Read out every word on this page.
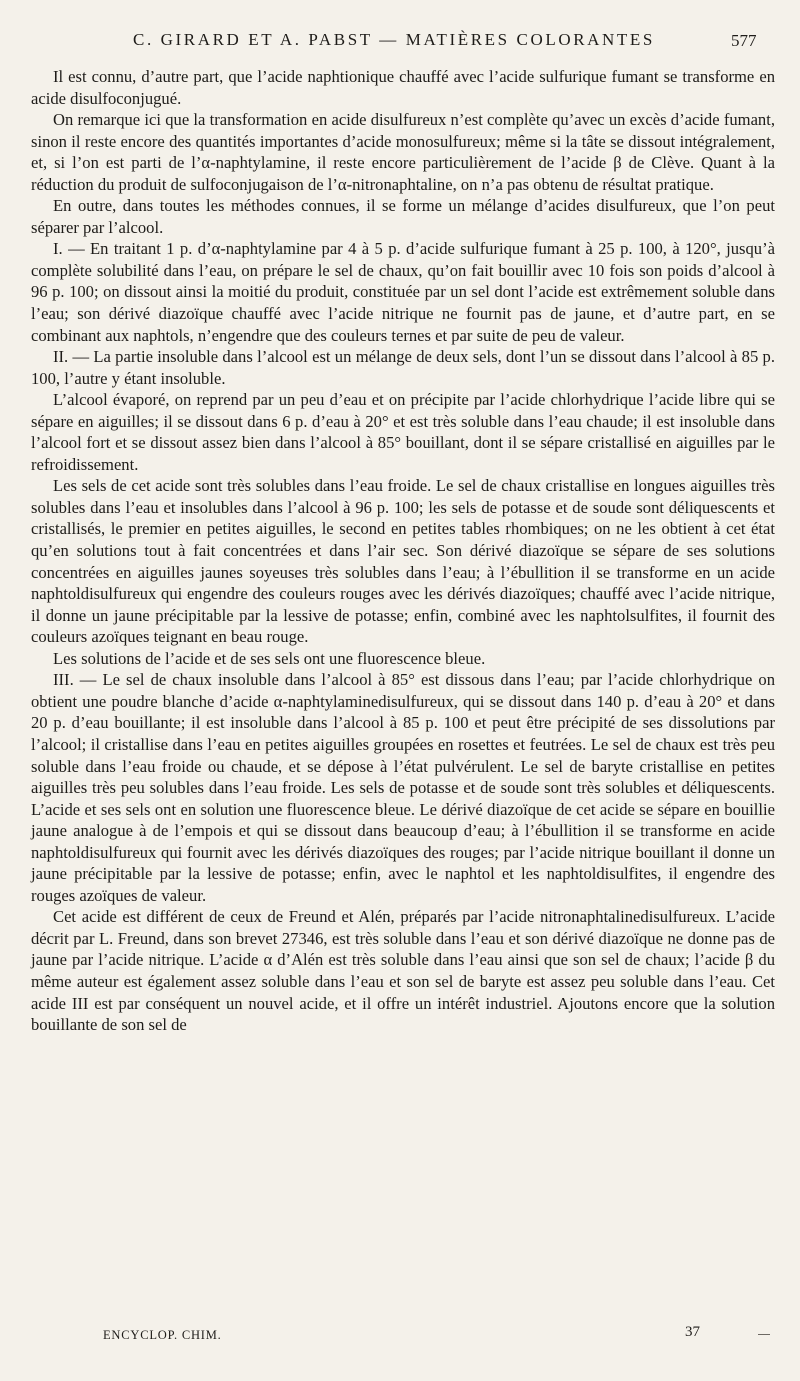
C. GIRARD ET A. PABST — MATIÈRES COLORANTES	577

Il est connu, d’autre part, que l’acide naphtionique chauffé avec l’acide sulfurique fumant se transforme en acide disulfoconjugué.

On remarque ici que la transformation en acide disulfureux n’est complète qu’avec un excès d’acide fumant, sinon il reste encore des quantités importantes d’acide monosulfureux; même si la tâte se dissout intégralement, et, si l’on est parti de l’α-naphtylamine, il reste encore particulièrement de l’acide β de Clève. Quant à la réduction du produit de sulfoconjugaison de l’α-nitronaphtaline, on n’a pas obtenu de résultat pratique.

En outre, dans toutes les méthodes connues, il se forme un mélange d’acides disulfureux, que l’on peut séparer par l’alcool.

I. — En traitant 1 p. d’α-naphtylamine par 4 à 5 p. d’acide sulfurique fumant à 25 p. 100, à 120°, jusqu’à complète solubilité dans l’eau, on prépare le sel de chaux, qu’on fait bouillir avec 10 fois son poids d’alcool à 96 p. 100; on dissout ainsi la moitié du produit, constituée par un sel dont l’acide est extrêmement soluble dans l’eau; son dérivé diazoïque chauffé avec l’acide nitrique ne fournit pas de jaune, et d’autre part, en se combinant aux naphtols, n’engendre que des couleurs ternes et par suite de peu de valeur.

II. — La partie insoluble dans l’alcool est un mélange de deux sels, dont l’un se dissout dans l’alcool à 85 p. 100, l’autre y étant insoluble.

L’alcool évaporé, on reprend par un peu d’eau et on précipite par l’acide chlorhydrique l’acide libre qui se sépare en aiguilles; il se dissout dans 6 p. d’eau à 20° et est très soluble dans l’eau chaude; il est insoluble dans l’alcool fort et se dissout assez bien dans l’alcool à 85° bouillant, dont il se sépare cristallisé en aiguilles par le refroidissement.

Les sels de cet acide sont très solubles dans l’eau froide. Le sel de chaux cristallise en longues aiguilles très solubles dans l’eau et insolubles dans l’alcool à 96 p. 100; les sels de potasse et de soude sont déliquescents et cristallisés, le premier en petites aiguilles, le second en petites tables rhombiques; on ne les obtient à cet état qu’en solutions tout à fait concentrées et dans l’air sec. Son dérivé diazoïque se sépare de ses solutions concentrées en aiguilles jaunes soyeuses très solubles dans l’eau; à l’ébullition il se transforme en un acide naphtoldisulfureux qui engendre des couleurs rouges avec les dérivés diazoïques; chauffé avec l’acide nitrique, il donne un jaune précipitable par la lessive de potasse; enfin, combiné avec les naphtolsulfites, il fournit des couleurs azoïques teignant en beau rouge.

Les solutions de l’acide et de ses sels ont une fluorescence bleue.

III. — Le sel de chaux insoluble dans l’alcool à 85° est dissous dans l’eau; par l’acide chlorhydrique on obtient une poudre blanche d’acide α-naphtylaminedisulfureux, qui se dissout dans 140 p. d’eau à 20° et dans 20 p. d’eau bouillante; il est insoluble dans l’alcool à 85 p. 100 et peut être précipité de ses dissolutions par l’alcool; il cristallise dans l’eau en petites aiguilles groupées en rosettes et feutrées. Le sel de chaux est très peu soluble dans l’eau froide ou chaude, et se dépose à l’état pulvérulent. Le sel de baryte cristallise en petites aiguilles très peu solubles dans l’eau froide. Les sels de potasse et de soude sont très solubles et déliquescents. L’acide et ses sels ont en solution une fluorescence bleue. Le dérivé diazoïque de cet acide se sépare en bouillie jaune analogue à de l’empois et qui se dissout dans beaucoup d’eau; à l’ébullition il se transforme en acide naphtoldisulfureux qui fournit avec les dérivés diazoïques des rouges; par l’acide nitrique bouillant il donne un jaune précipitable par la lessive de potasse; enfin, avec le naphtol et les naphtoldisulfites, il engendre des rouges azoïques de valeur.

Cet acide est différent de ceux de Freund et Alén, préparés par l’acide nitronaphtalinedisulfureux. L’acide décrit par L. Freund, dans son brevet 27346, est très soluble dans l’eau et son dérivé diazoïque ne donne pas de jaune par l’acide nitrique. L’acide α d’Alén est très soluble dans l’eau ainsi que son sel de chaux; l’acide β du même auteur est également assez soluble dans l’eau et son sel de baryte est assez peu soluble dans l’eau. Cet acide III est par conséquent un nouvel acide, et il offre un intérêt industriel. Ajoutons encore que la solution bouillante de son sel de

ENCYCLOP. CHIM.	37
